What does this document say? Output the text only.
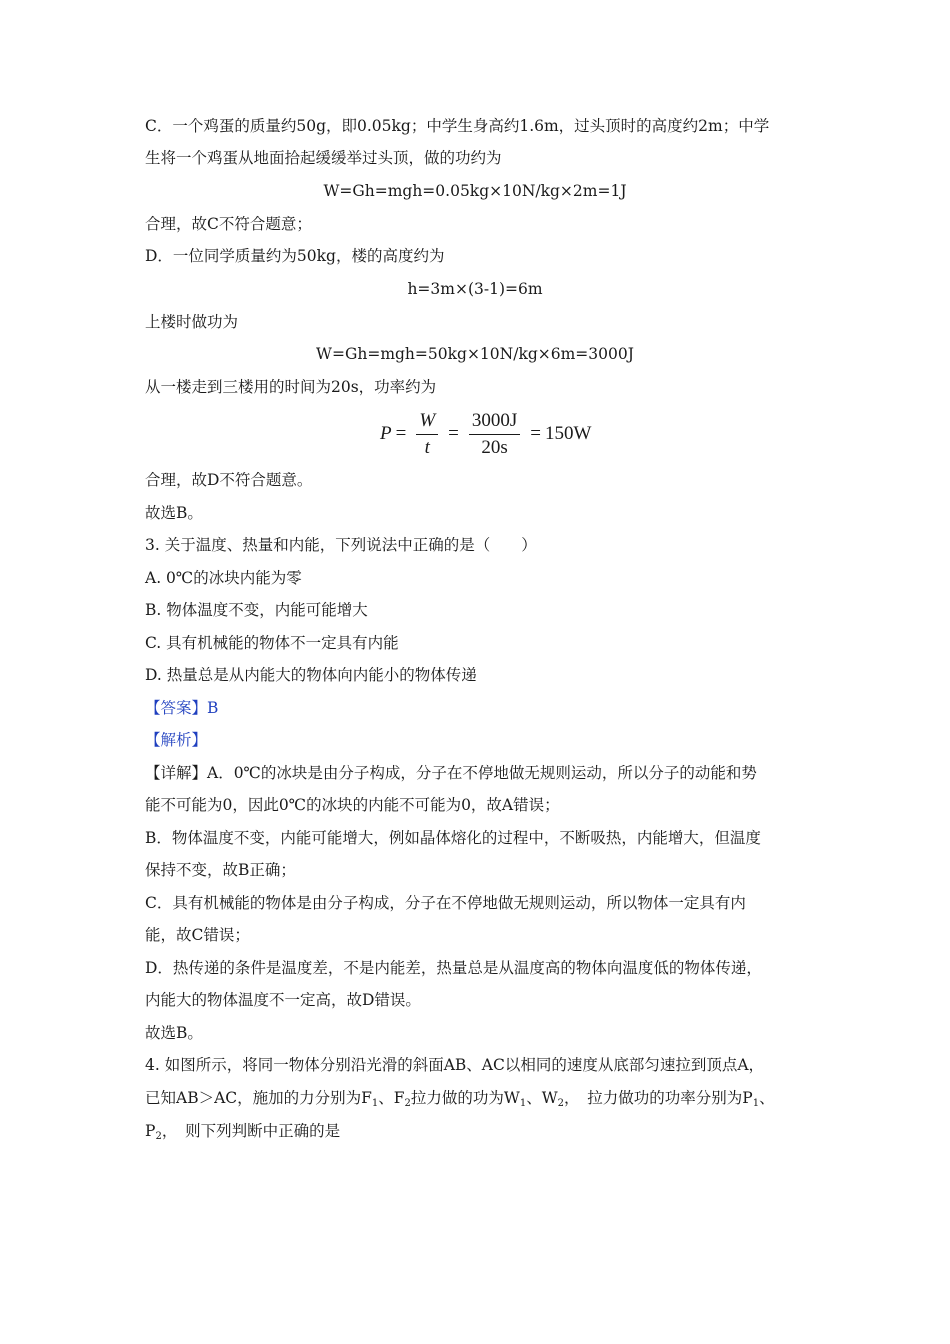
C．一个鸡蛋的质量约50g，即0.05kg；中学生身高约1.6m，过头顶时的高度约2m；中学
生将一个鸡蛋从地面拾起缓缓举过头顶，做的功约为
W=Gh=mgh=0.05kg×10N/kg×2m=1J
合理，故C不符合题意；
D．一位同学质量约为50kg，楼的高度约为
h=3m×(3-1)=6m
上楼时做功为
W=Gh=mgh=50kg×10N/kg×6m=3000J
从一楼走到三楼用的时间为20s，功率约为
$P = \frac{W}{t} = \frac{3000J}{20s} = 150W$
合理，故D不符合题意。
故选B。
3. 关于温度、热量和内能，下列说法中正确的是（　　）
A. 0℃的冰块内能为零
B. 物体温度不变，内能可能增大
C. 具有机械能的物体不一定具有内能
D. 热量总是从内能大的物体向内能小的物体传递
【答案】B
【解析】
【详解】A．0℃的冰块是由分子构成，分子在不停地做无规则运动，所以分子的动能和势
能不可能为0，因此0℃的冰块的内能不可能为0，故A错误；
B．物体温度不变，内能可能增大，例如晶体熔化的过程中，不断吸热，内能增大，但温度
保持不变，故B正确；
C．具有机械能的物体是由分子构成，分子在不停地做无规则运动，所以物体一定具有内
能，故C错误；
D．热传递的条件是温度差，不是内能差，热量总是从温度高的物体向温度低的物体传递，
内能大的物体温度不一定高，故D错误。
故选B。
4. 如图所示，将同一物体分别沿光滑的斜面AB、AC以相同的速度从底部匀速拉到顶点A，
已知AB＞AC，施加的力分别为$F_1$、$F_2$拉力做的功为$W_1$、$W_2$，　拉力做功的功率分别为$P_1$、
$P_2$，　则下列判断中正确的是
